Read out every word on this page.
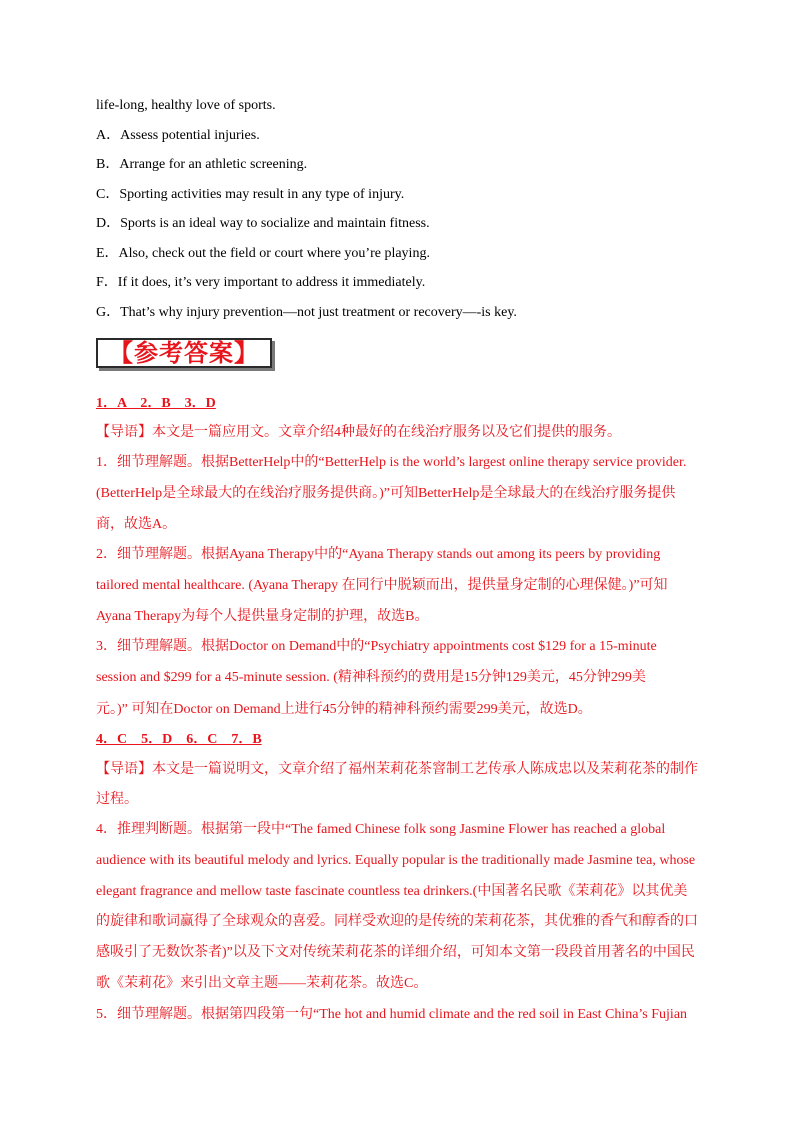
life-long, healthy love of sports.
A．Assess potential injuries.
B．Arrange for an athletic screening.
C．Sporting activities may result in any type of injury.
D．Sports is an ideal way to socialize and maintain fitness.
E．Also, check out the field or court where you’re playing.
F．If it does, it’s very important to address it immediately.
G．That’s why injury prevention—not just treatment or recovery—-is key.
【参考答案】
1．A　2．B　3．D
【导语】本文是一篇应用文。文章介绍4种最好的在线治疗服务以及它们提供的服务。
1．细节理解题。根据BetterHelp中的“BetterHelp is the world’s largest online therapy service provider.
(BetterHelp是全球最大的在线治疗服务提供商。)”可知BetterHelp是全球最大的在线治疗服务提供
商，故选A。
2．细节理解题。根据Ayana Therapy中的“Ayana Therapy stands out among its peers by providing
tailored mental healthcare. (Ayana Therapy 在同行中脱颖而出，提供量身定制的心理保健。)”可知
Ayana Therapy为每个人提供量身定制的护理，故选B。
3．细节理解题。根据Doctor on Demand中的“Psychiatry appointments cost $129 for a 15-minute
session and $299 for a 45-minute session. (精神科预约的费用是15分钟129美元，45分钟299美
元。)” 可知在Doctor on Demand上进行45分钟的精神科预约需要299美元，故选D。
4．C　5．D　6．C　7．B
【导语】本文是一篇说明文，文章介绍了福州茉莉花茶窨制工艺传承人陈成忠以及茉莉花茶的制作
过程。
4．推理判断题。根据第一段中“The famed Chinese folk song Jasmine Flower has reached a global
audience with its beautiful melody and lyrics. Equally popular is the traditionally made Jasmine tea, whose
elegant fragrance and mellow taste fascinate countless tea drinkers.(中国著名民歌《茉莉花》以其优美
的旋律和歌词赢得了全球观众的喜爱。同样受欢迎的是传统的茉莉花茶，其优雅的香气和醇香的口
感吸引了无数饮茶者)”以及下文对传统茉莉花茶的详细介绍，可知本文第一段段首用著名的中国民
歌《茉莉花》来引出文章主题——茉莉花茶。故选C。
5．细节理解题。根据第四段第一句“The hot and humid climate and the red soil in East China’s Fujian
